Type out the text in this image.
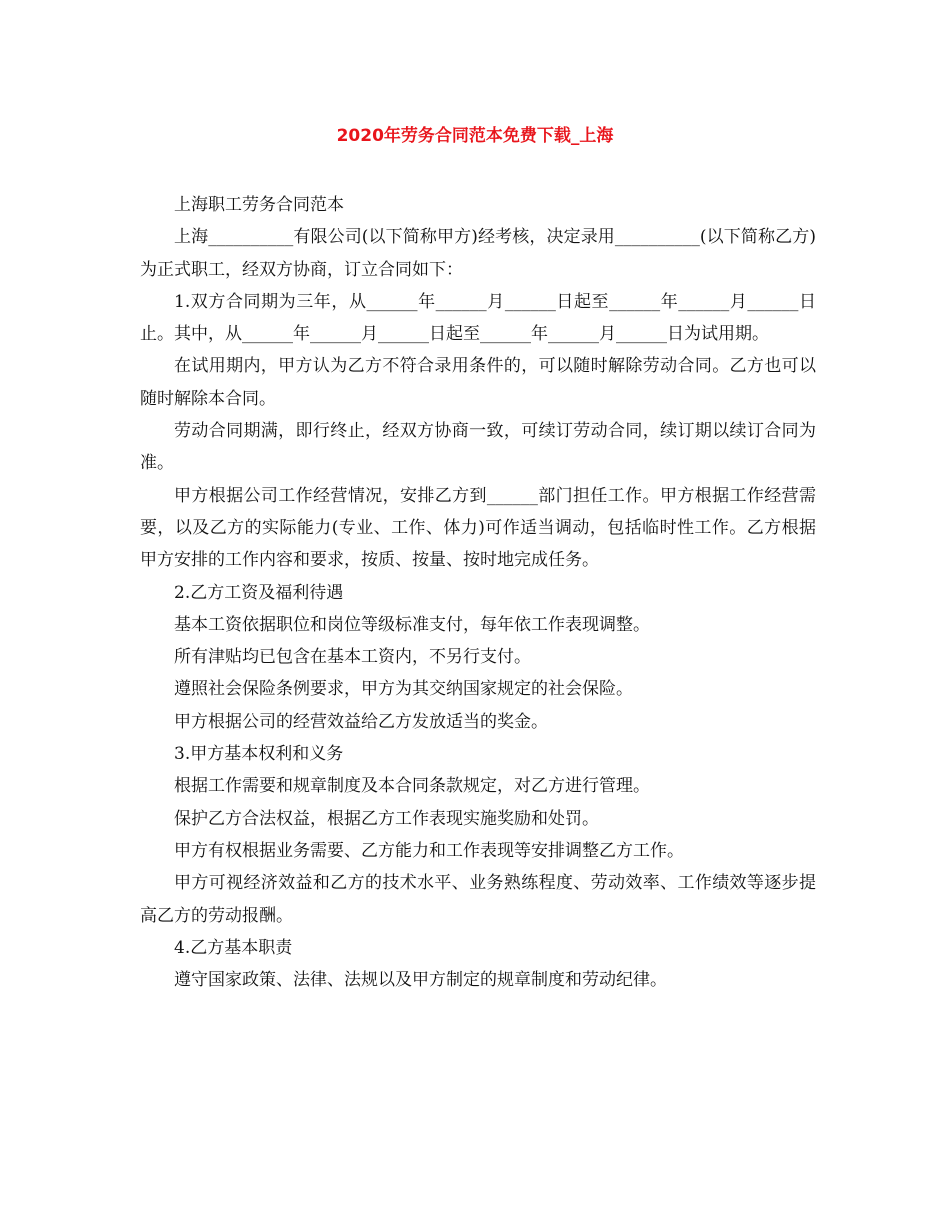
2020年劳务合同范本免费下载_上海

上海职工劳务合同范本

上海__________有限公司(以下简称甲方)经考核，决定录用__________(以下简称乙方)为正式职工，经双方协商，订立合同如下：

1.双方合同期为三年，从______年______月______日起至______年______月______日止。其中，从______年______月______日起至______年______月______日为试用期。

在试用期内，甲方认为乙方不符合录用条件的，可以随时解除劳动合同。乙方也可以随时解除本合同。

劳动合同期满，即行终止，经双方协商一致，可续订劳动合同，续订期以续订合同为准。

甲方根据公司工作经营情况，安排乙方到______部门担任工作。甲方根据工作经营需要，以及乙方的实际能力(专业、工作、体力)可作适当调动，包括临时性工作。乙方根据甲方安排的工作内容和要求，按质、按量、按时地完成任务。

2.乙方工资及福利待遇

基本工资依据职位和岗位等级标准支付，每年依工作表现调整。

所有津贴均已包含在基本工资内，不另行支付。

遵照社会保险条例要求，甲方为其交纳国家规定的社会保险。

甲方根据公司的经营效益给乙方发放适当的奖金。

3.甲方基本权利和义务

根据工作需要和规章制度及本合同条款规定，对乙方进行管理。

保护乙方合法权益，根据乙方工作表现实施奖励和处罚。

甲方有权根据业务需要、乙方能力和工作表现等安排调整乙方工作。

甲方可视经济效益和乙方的技术水平、业务熟练程度、劳动效率、工作绩效等逐步提高乙方的劳动报酬。

4.乙方基本职责

遵守国家政策、法律、法规以及甲方制定的规章制度和劳动纪律。
